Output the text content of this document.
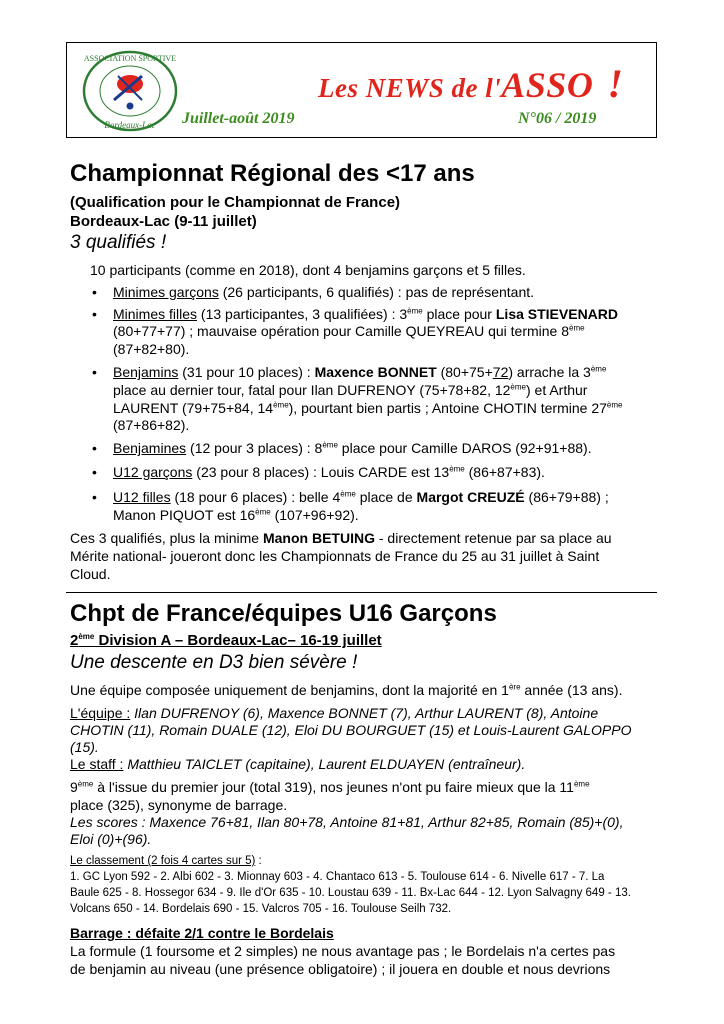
ASSOCIATION SPORTIVE
Bordeaux-Lac
Les NEWS de l'ASSO !
Juillet-août 2019	N°06 / 2019
Championnat Régional des <17 ans
(Qualification pour le Championnat de France)
Bordeaux-Lac (9-11 juillet)
3 qualifiés !
10 participants (comme en 2018), dont 4 benjamins garçons et 5 filles.
• Minimes garçons (26 participants, 6 qualifiés) : pas de représentant.
• Minimes filles (13 participantes, 3 qualifiées) : 3ème place pour Lisa STIEVENARD
(80+77+77) ; mauvaise opération pour Camille QUEYREAU qui termine 8ème
(87+82+80).
• Benjamins (31 pour 10 places) : Maxence BONNET (80+75+72) arrache la 3ème
place au dernier tour, fatal pour Ilan DUFRENOY (75+78+82, 12ème) et Arthur
LAURENT (79+75+84, 14ème), pourtant bien partis ; Antoine CHOTIN termine 27ème
(87+86+82).
• Benjamines (12 pour 3 places) : 8ème place pour Camille DAROS (92+91+88).
• U12 garçons (23 pour 8 places) : Louis CARDE est 13ème (86+87+83).
• U12 filles (18 pour 6 places) : belle 4ème place de Margot CREUZÉ (86+79+88) ;
Manon PIQUOT est 16ème (107+96+92).
Ces 3 qualifiés, plus la minime Manon BETUING - directement retenue par sa place au
Mérite national- joueront donc les Championnats de France du 25 au 31 juillet à Saint
Cloud.
Chpt de France/équipes U16 Garçons
2ème Division A – Bordeaux-Lac– 16-19 juillet
Une descente en D3 bien sévère !
Une équipe composée uniquement de benjamins, dont la majorité en 1ère année (13 ans).
L'équipe : Ilan DUFRENOY (6), Maxence BONNET (7), Arthur LAURENT (8), Antoine
CHOTIN (11), Romain DUALE (12), Eloi DU BOURGUET (15) et Louis-Laurent GALOPPO
(15).
Le staff : Matthieu TAICLET (capitaine), Laurent ELDUAYEN (entraîneur).
9ème à l'issue du premier jour (total 319), nos jeunes n'ont pu faire mieux que la 11ème
place (325), synonyme de barrage.
Les scores : Maxence 76+81, Ilan 80+78, Antoine 81+81, Arthur 82+85, Romain (85)+(0),
Eloi (0)+(96).
Le classement (2 fois 4 cartes sur 5) :
1. GC Lyon 592 - 2. Albi 602 - 3. Mionnay 603 - 4. Chantaco 613 - 5. Toulouse 614 - 6. Nivelle 617 - 7. La
Baule 625 - 8. Hossegor 634 - 9. Ile d'Or 635 - 10. Loustau 639 - 11. Bx-Lac 644 - 12. Lyon Salvagny 649 - 13.
Volcans 650 - 14. Bordelais 690 - 15. Valcros 705 - 16. Toulouse Seilh 732.
Barrage : défaite 2/1 contre le Bordelais
La formule (1 foursome et 2 simples) ne nous avantage pas ; le Bordelais n'a certes pas
de benjamin au niveau (une présence obligatoire) ; il jouera en double et nous devrions
